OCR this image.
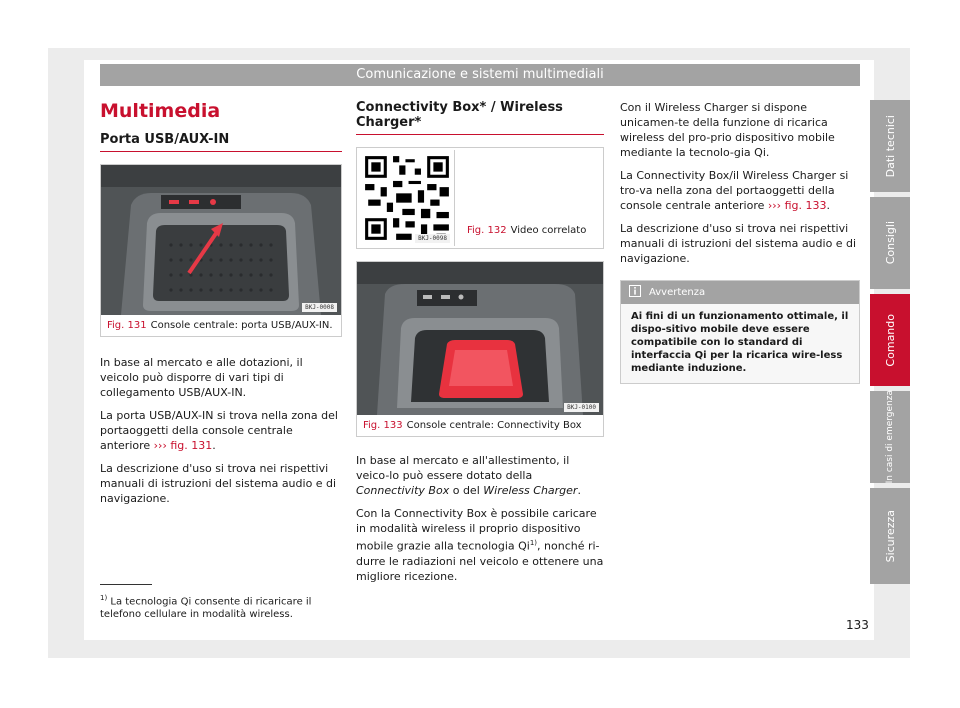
Comunicazione e sistemi multimediali
Multimedia
Porta USB/AUX-IN
BKJ-0008
Fig. 131 Console centrale: porta USB/AUX-IN.
In base al mercato e alle dotazioni, il veicolo può disporre di vari tipi di collegamento USB/AUX-IN.
La porta USB/AUX-IN si trova nella zona del portaoggetti della console centrale anteriore ››› fig. 131.
La descrizione d'uso si trova nei rispettivi manuali di istruzioni del sistema audio e di navigazione.
Connectivity Box* / Wireless Charger*
BKJ-0098
Fig. 132 Video correlato
BKJ-0100
Fig. 133 Console centrale: Connectivity Box
In base al mercato e all'allestimento, il veico-lo può essere dotato della Connectivity Box o del Wireless Charger.
Con la Connectivity Box è possibile caricare in modalità wireless il proprio dispositivo mobile grazie alla tecnologia Qi$^{1)}$, nonché ri-durre le radiazioni nel veicolo e ottenere una migliore ricezione.
Con il Wireless Charger si dispone unicamen-te della funzione di ricarica wireless del pro-prio dispositivo mobile mediante la tecnolo-gia Qi.
La Connectivity Box/il Wireless Charger si tro-va nella zona del portaoggetti della console centrale anteriore ››› fig. 133.
La descrizione d'uso si trova nei rispettivi manuali di istruzioni del sistema audio e di navigazione.
Avvertenza
Ai fini di un funzionamento ottimale, il dispo-sitivo mobile deve essere compatibile con lo standard di interfaccia Qi per la ricarica wire-less mediante induzione.
$^{1)}$ La tecnologia Qi consente di ricaricare il telefono cellulare in modalità wireless.
133
Dati tecnici
Consigli
Comando
In casi di emergenza
Sicurezza
